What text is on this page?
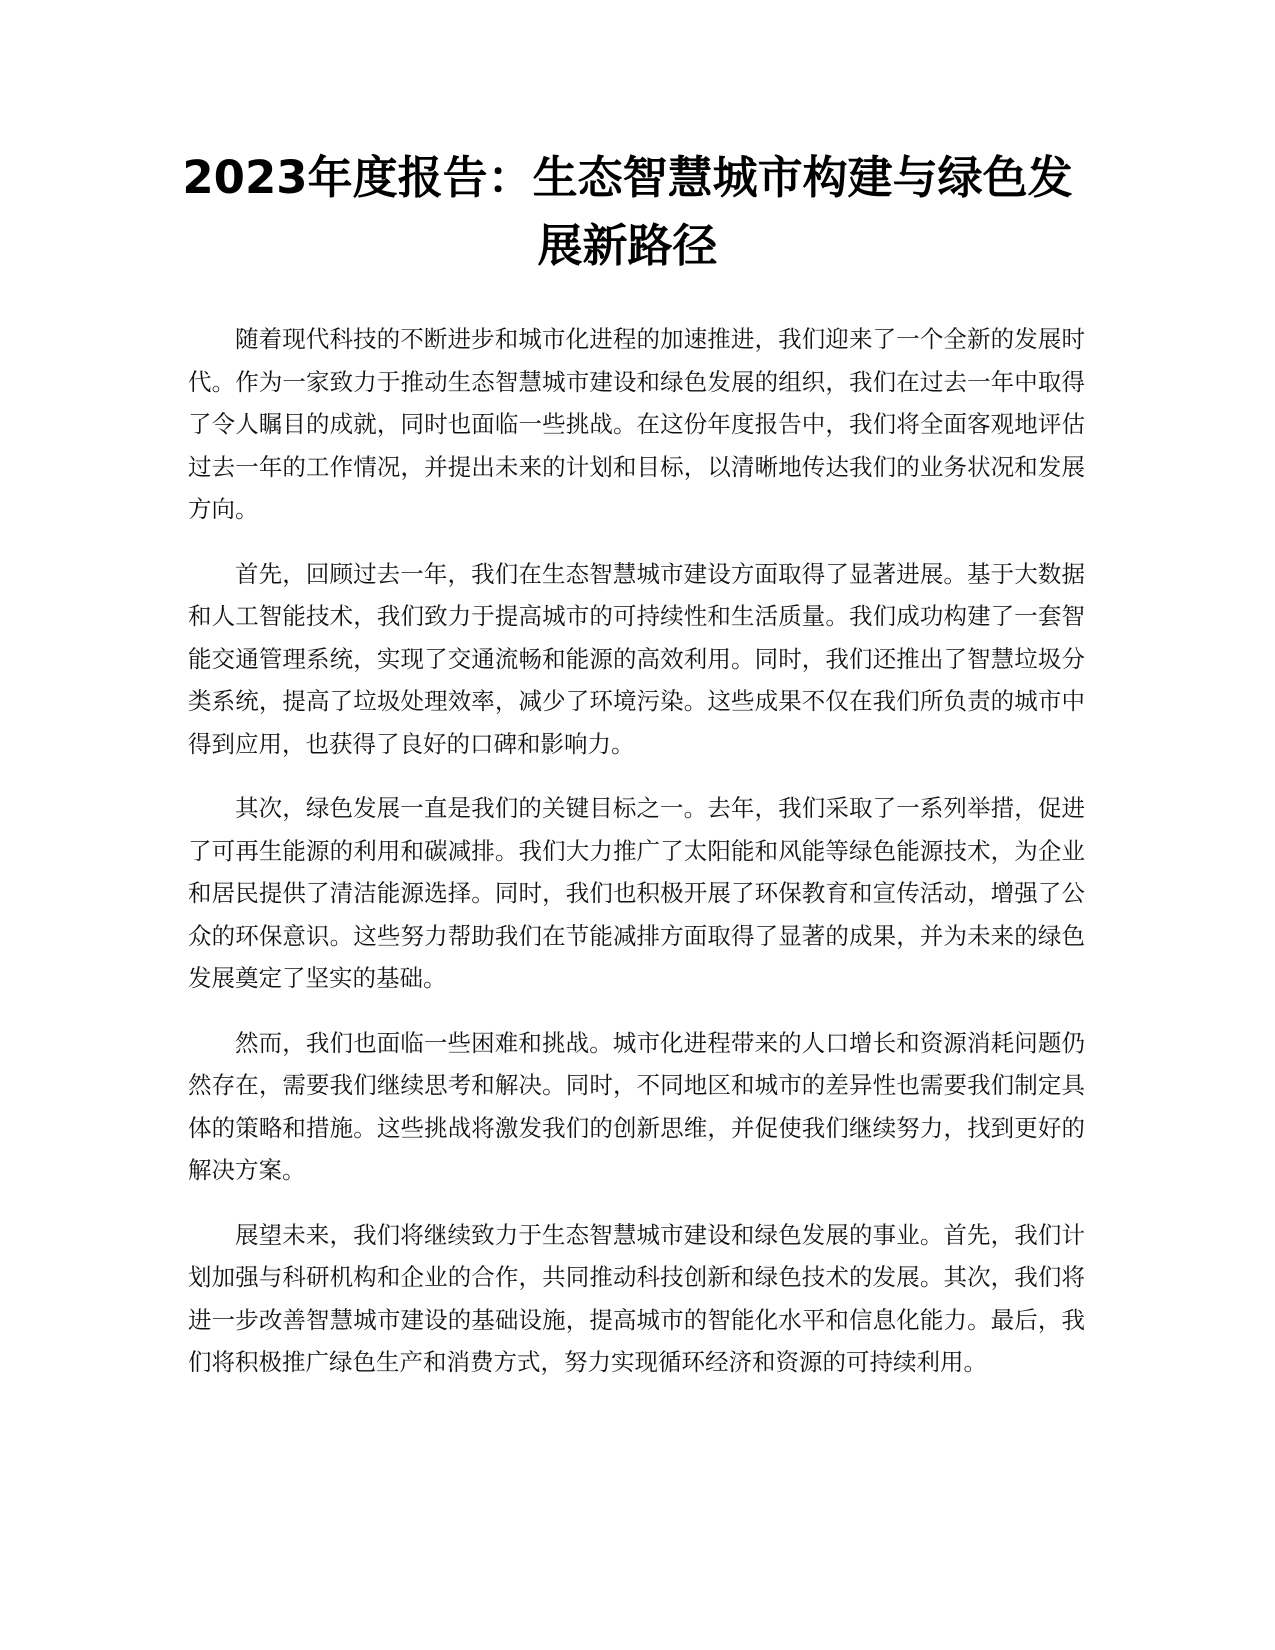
2023年度报告：生态智慧城市构建与绿色发展新路径

随着现代科技的不断进步和城市化进程的加速推进，我们迎来了一个全新的发展时代。作为一家致力于推动生态智慧城市建设和绿色发展的组织，我们在过去一年中取得了令人瞩目的成就，同时也面临一些挑战。在这份年度报告中，我们将全面客观地评估过去一年的工作情况，并提出未来的计划和目标，以清晰地传达我们的业务状况和发展方向。

首先，回顾过去一年，我们在生态智慧城市建设方面取得了显著进展。基于大数据和人工智能技术，我们致力于提高城市的可持续性和生活质量。我们成功构建了一套智能交通管理系统，实现了交通流畅和能源的高效利用。同时，我们还推出了智慧垃圾分类系统，提高了垃圾处理效率，减少了环境污染。这些成果不仅在我们所负责的城市中得到应用，也获得了良好的口碑和影响力。

其次，绿色发展一直是我们的关键目标之一。去年，我们采取了一系列举措，促进了可再生能源的利用和碳减排。我们大力推广了太阳能和风能等绿色能源技术，为企业和居民提供了清洁能源选择。同时，我们也积极开展了环保教育和宣传活动，增强了公众的环保意识。这些努力帮助我们在节能减排方面取得了显著的成果，并为未来的绿色发展奠定了坚实的基础。

然而，我们也面临一些困难和挑战。城市化进程带来的人口增长和资源消耗问题仍然存在，需要我们继续思考和解决。同时，不同地区和城市的差异性也需要我们制定具体的策略和措施。这些挑战将激发我们的创新思维，并促使我们继续努力，找到更好的解决方案。

展望未来，我们将继续致力于生态智慧城市建设和绿色发展的事业。首先，我们计划加强与科研机构和企业的合作，共同推动科技创新和绿色技术的发展。其次，我们将进一步改善智慧城市建设的基础设施，提高城市的智能化水平和信息化能力。最后，我们将积极推广绿色生产和消费方式，努力实现循环经济和资源的可持续利用。
